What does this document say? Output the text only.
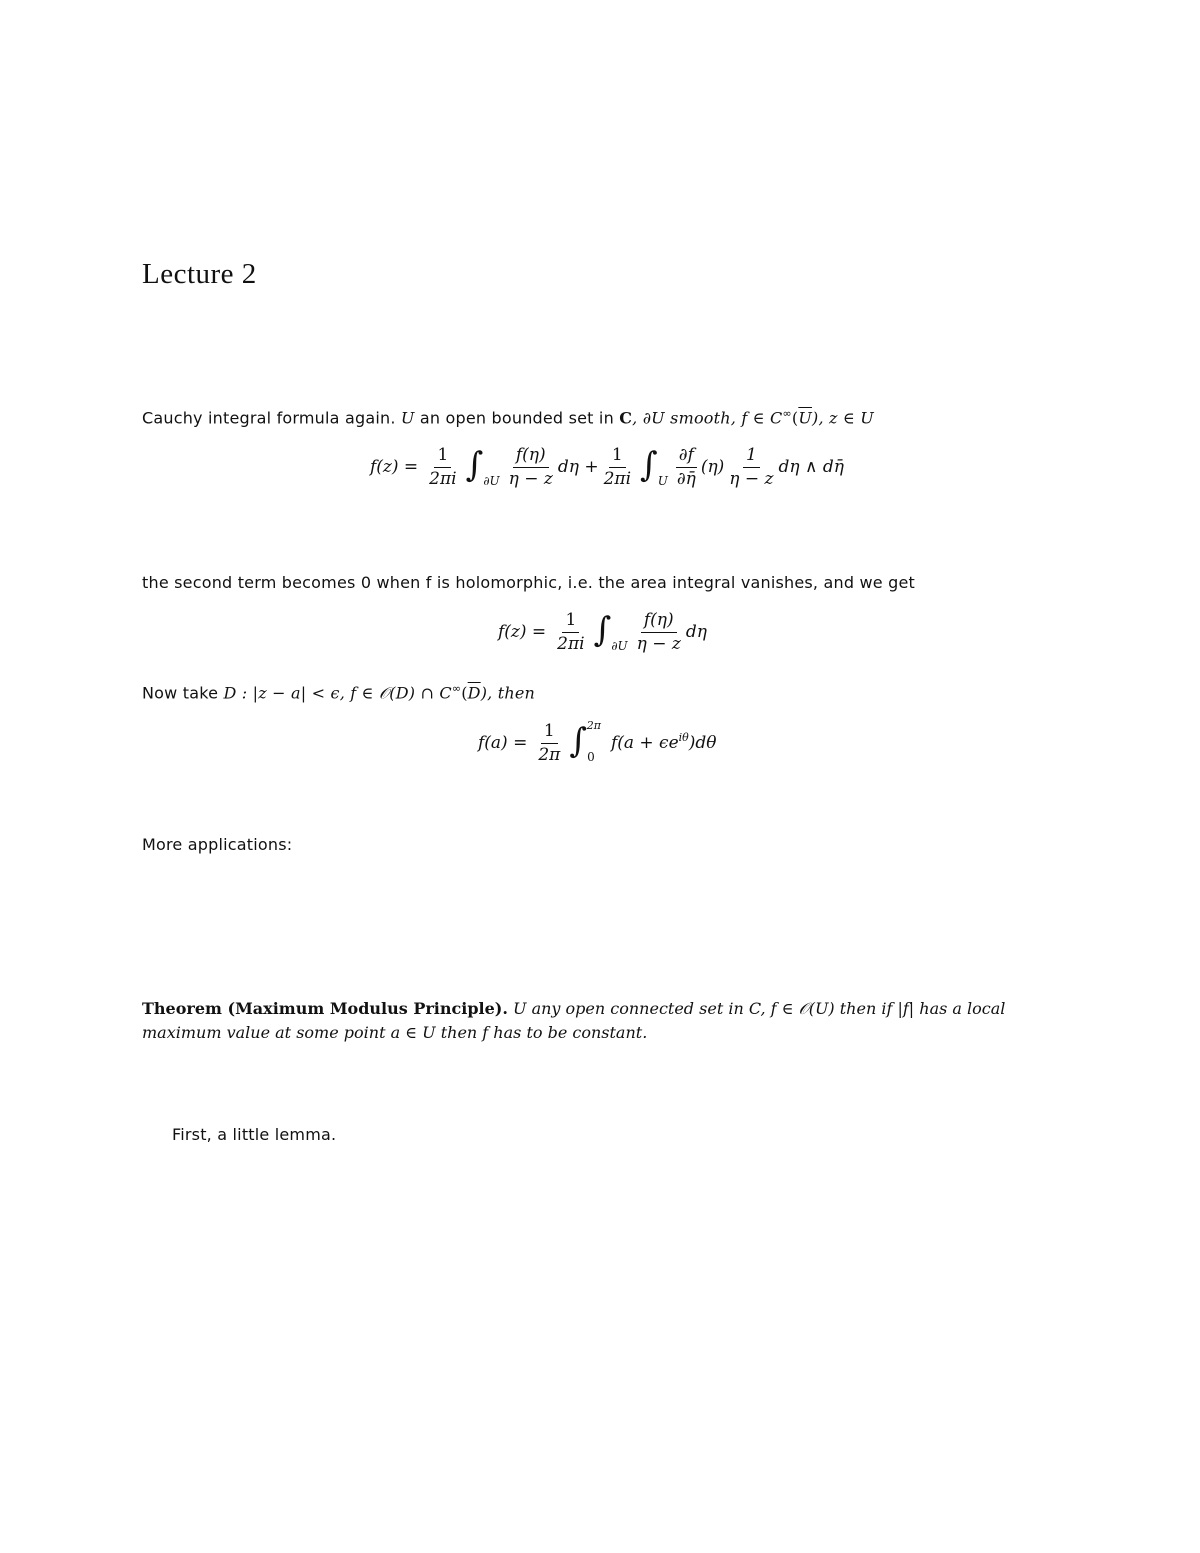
Lecture 2
Cauchy integral formula again. U an open bounded set in C, ∂U smooth, f ∈ $C^\infty(\overline{U})$, z ∈ U
$f(z) = \frac{1}{2\pi i}$ ∫ $\partial U \frac{f(\eta)}{\eta - z}$ $d\eta + \frac{1}{2\pi i}$ ∫ U $\frac{\partial f}{\partial\etā} (\eta) \frac{1}{\eta - z}$ dη ∧ dη̄
the second term becomes 0 when f is holomorphic, i.e. the area integral vanishes, and we get
$f(z) = \frac{1}{2\pi i}$ ∫ $\partial U \frac{f(\eta)}{\eta - z}$ dη
Now take D : |z − a| < ϵ, f ∈ 𝒪(D) ∩ $C^\infty(\overline{D})$, then
$f(a) = \frac{1}{2\pi}$ ∫ 0
2π
$f(a + \epsilon e^{i\theta}$ )dθ
More applications:
Theorem (Maximum Modulus Principle). U any open connected set in C, f ∈ 𝒪(U) then if |f| has a local maximum value at some point a ∈ U then f has to be constant.
First, a little lemma.
